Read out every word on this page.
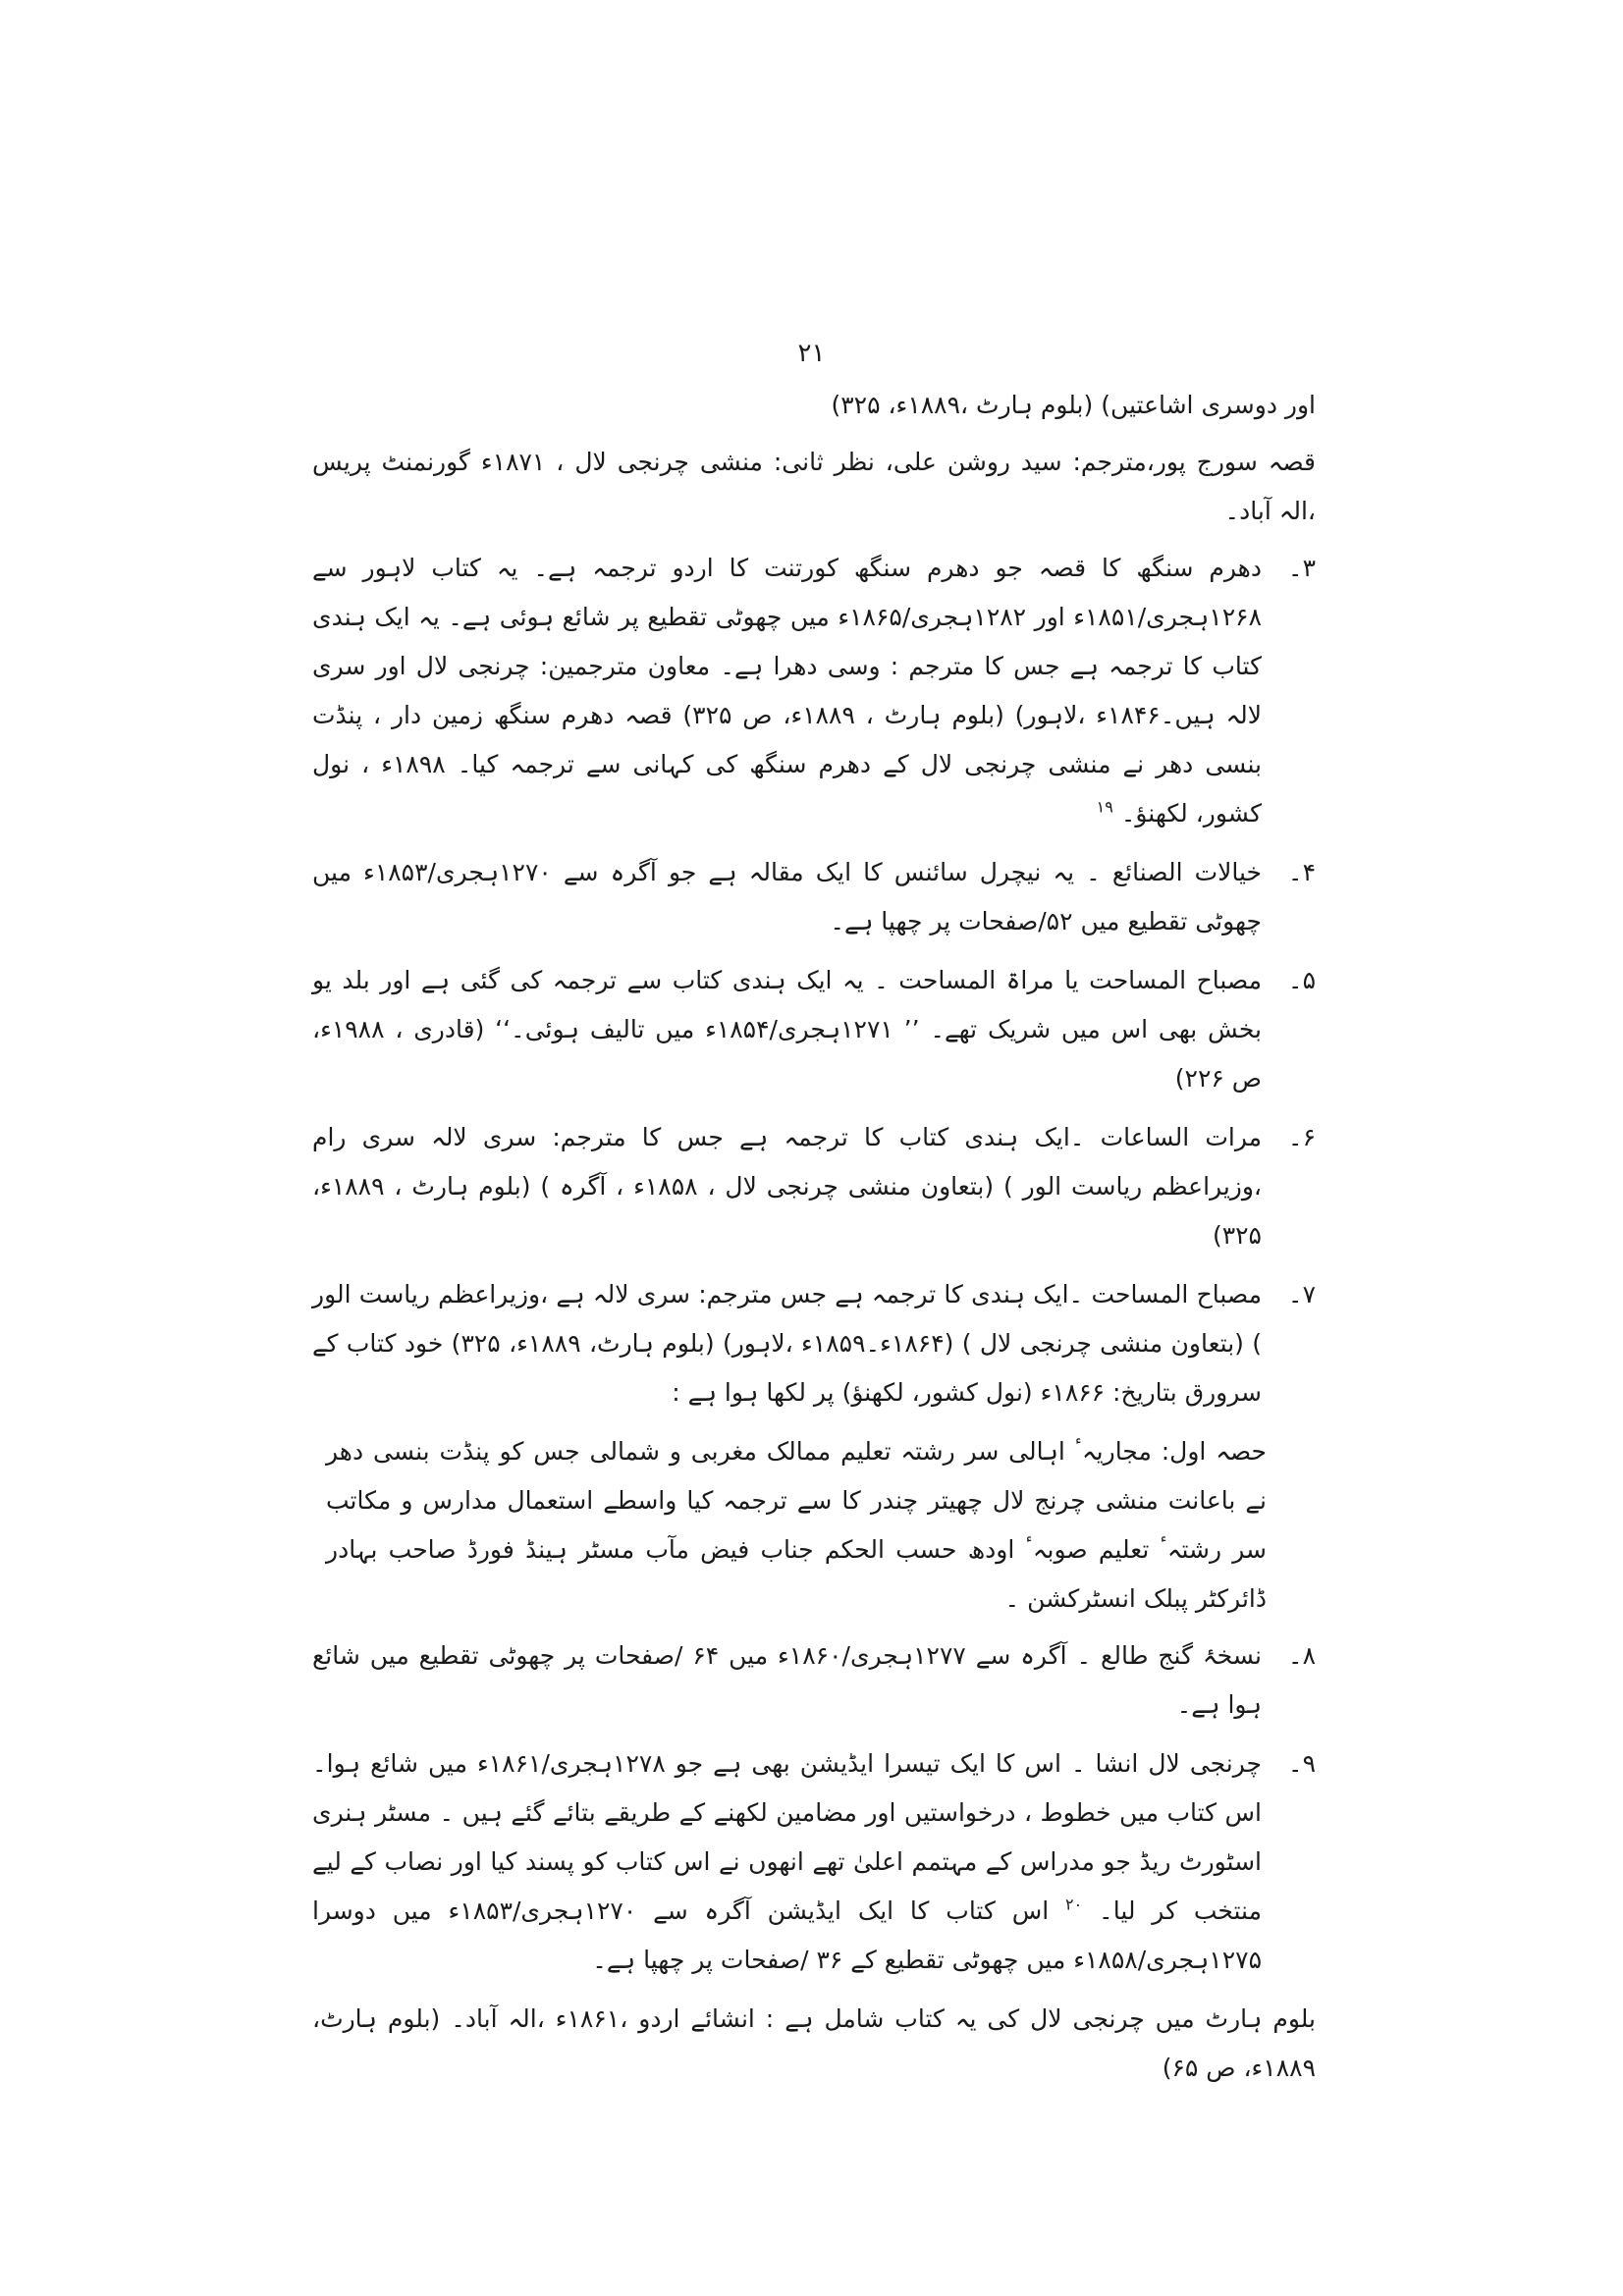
۲۱

اور دوسری اشاعتیں) (بلوم ہارٹ ،۱۸۸۹ء، ۳۲۵)

قصہ سورج پور،مترجم: سید روشن علی، نظر ثانی: منشی چرنجی لال ، ۱۸۷۱ء گورنمنٹ پریس ،الہ آباد۔

۳۔
دھرم سنگھ کا قصہ جو دھرم سنگھ کورتنت کا اردو ترجمہ ہے۔ یہ کتاب لاہور سے ۱۲۶۸ہجری/۱۸۵۱ء اور ۱۲۸۲ہجری/۱۸۶۵ء میں چھوٹی تقطیع پر شائع ہوئی ہے۔ یہ ایک ہندی کتاب کا ترجمہ ہے جس کا مترجم : وسی دھرا ہے۔ معاون مترجمین: چرنجی لال اور سری لالہ ہیں۔۱۸۴۶ء ،لاہور) (بلوم ہارٹ ، ۱۸۸۹ء، ص ۳۲۵) قصہ دھرم سنگھ زمین دار ، پنڈت بنسی دھر نے منشی چرنجی لال کے دھرم سنگھ کی کہانی سے ترجمہ کیا۔ ۱۸۹۸ء ، نول کشور، لکھنؤ۔ $^{۱۹}$
۴۔
خیالات الصنائع ۔ یہ نیچرل سائنس کا ایک مقالہ ہے جو آگرہ سے ۱۲۷۰ہجری/۱۸۵۳ء میں چھوٹی تقطیع میں ۵۲/صفحات پر چھپا ہے۔
۵۔
مصباح المساحت یا مراۃ المساحت ۔ یہ ایک ہندی کتاب سے ترجمہ کی گئی ہے اور بلد یو بخش بھی اس میں شریک تھے۔ ’’ ۱۲۷۱ہجری/۱۸۵۴ء میں تالیف ہوئی۔‘‘ (قادری ، ۱۹۸۸ء، ص ۲۲۶)
۶۔
مرات الساعات ۔ایک ہندی کتاب کا ترجمہ ہے جس کا مترجم: سری لالہ سری رام ،وزیراعظم ریاست الور ) (بتعاون منشی چرنجی لال ، ۱۸۵۸ء ، آگرہ ) (بلوم ہارٹ ، ۱۸۸۹ء، ۳۲۵)
۷۔
مصباح المساحت ۔ایک ہندی کا ترجمہ ہے جس مترجم: سری لالہ ہے ،وزیراعظم ریاست الور ) (بتعاون منشی چرنجی لال ) (۱۸۶۴ء۔۱۸۵۹ء ،لاہور) (بلوم ہارٹ، ۱۸۸۹ء، ۳۲۵) خود کتاب کے سرورق بتاریخ: ۱۸۶۶ء (نول کشور، لکھنؤ) پر لکھا ہوا ہے :

حصہ اول: مجاریہٴ اہالی سر رشتہ تعلیم ممالک مغربی و شمالی جس کو پنڈت بنسی دھر نے باعانت منشی چرنج لال چھیتر چندر کا سے ترجمہ کیا واسطے استعمال مدارس و مکاتب سر رشتہٴ تعلیم صوبہٴ اودھ حسب الحکم جناب فیض مآب مسٹر ہینڈ فورڈ صاحب بہادر ڈائرکٹر پبلک انسٹرکشن ۔

۸۔
نسخۂ گنج طالع ۔ آگرہ سے ۱۲۷۷ہجری/۱۸۶۰ء میں ۶۴ /صفحات پر چھوٹی تقطیع میں شائع ہوا ہے۔
۹۔
چرنجی لال انشا ۔ اس کا ایک تیسرا ایڈیشن بھی ہے جو ۱۲۷۸ہجری/۱۸۶۱ء میں شائع ہوا۔ اس کتاب میں خطوط ، درخواستیں اور مضامین لکھنے کے طریقے بتائے گئے ہیں ۔ مسٹر ہنری اسٹورٹ ریڈ جو مدراس کے مہتمم اعلیٰ تھے انھوں نے اس کتاب کو پسند کیا اور نصاب کے لیے منتخب کر لیا۔ $^{۲۰}$ اس کتاب کا ایک ایڈیشن آگرہ سے ۱۲۷۰ہجری/۱۸۵۳ء میں دوسرا ۱۲۷۵ہجری/۱۸۵۸ء میں چھوٹی تقطیع کے ۳۶ /صفحات پر چھپا ہے۔

بلوم ہارٹ میں چرنجی لال کی یہ کتاب شامل ہے : انشائے اردو ،۱۸۶۱ء ،الہ آباد۔ (بلوم ہارٹ، ۱۸۸۹ء، ص ۶۵)
